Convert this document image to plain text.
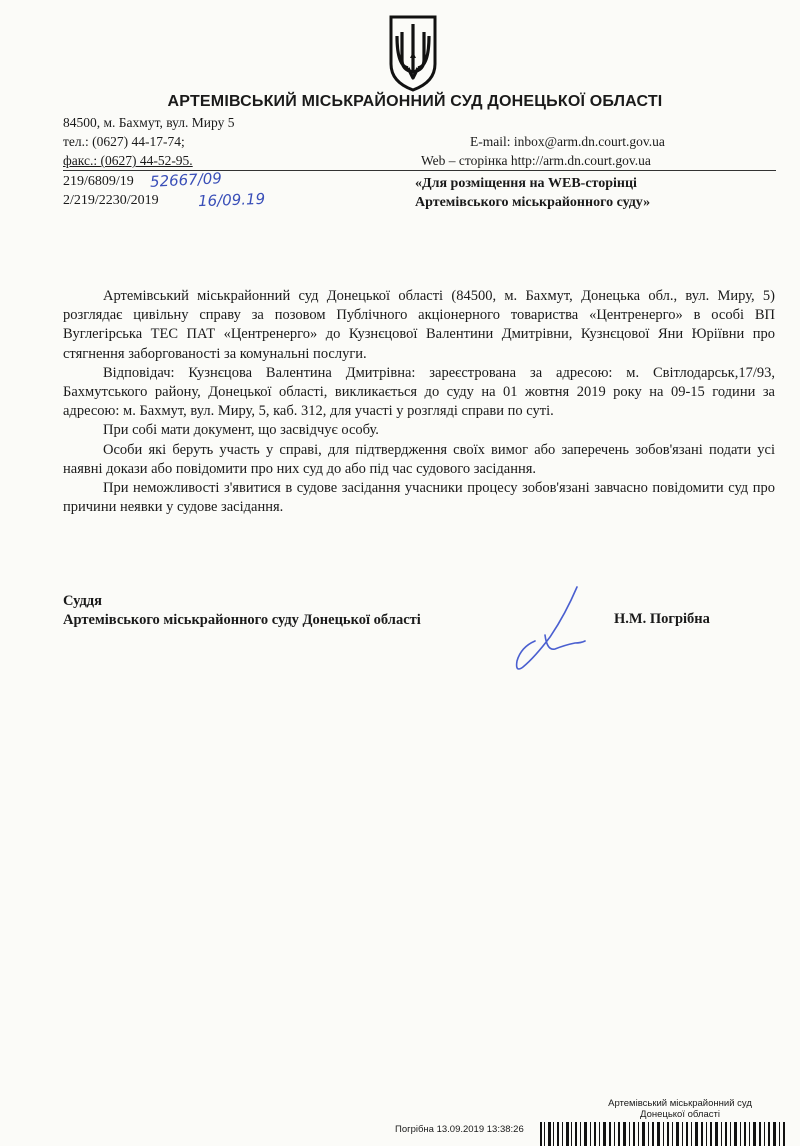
АРТЕМІВСЬКИЙ МІСЬКРАЙОННИЙ СУД ДОНЕЦЬКОЇ ОБЛАСТІ
84500, м. Бахмут, вул. Миру 5
тел.: (0627) 44-17-74;
факс.: (0627) 44-52-95.
E-mail: inbox@arm.dn.court.gov.ua
Web – сторінка http://arm.dn.court.gov.ua
219/6809/19
2/219/2230/2019
52667/09
16/09.19
«Для розміщення на WEB-сторінці
Артемівського міськрайонного суду»

Артемівський міськрайонний суд Донецької області (84500, м. Бахмут, Донецька обл., вул. Миру, 5) розглядає цивільну справу за позовом Публічного акціонерного товариства «Центренерго» в особі ВП Вуглегірська ТЕС ПАТ «Центренерго» до Кузнєцової Валентини Дмитрівни, Кузнєцової Яни Юріївни про стягнення заборгованості за комунальні послуги.

Відповідач: Кузнєцова Валентина Дмитрівна: зареєстрована за адресою: м. Світлодарськ,17/93, Бахмутського району, Донецької області, викликається до суду на 01 жовтня 2019 року на 09-15 години за адресою: м. Бахмут, вул. Миру, 5, каб. 312, для участі у розгляді справи по суті.

При собі мати документ, що засвідчує особу.

Особи які беруть участь у справі, для підтвердження своїх вимог або заперечень зобов'язані подати усі наявні докази або повідомити про них суд до або під час судового засідання.

При неможливості з'явитися в судове засідання учасники процесу зобов'язані завчасно повідомити суд про причини неявки у судове засідання.

Суддя
Артемівського міськрайонного суду Донецької області	Н.М. Погрібна
Артемівський міськрайонний суд
Донецької області
Погрібна 13.09.2019 13:38:26
